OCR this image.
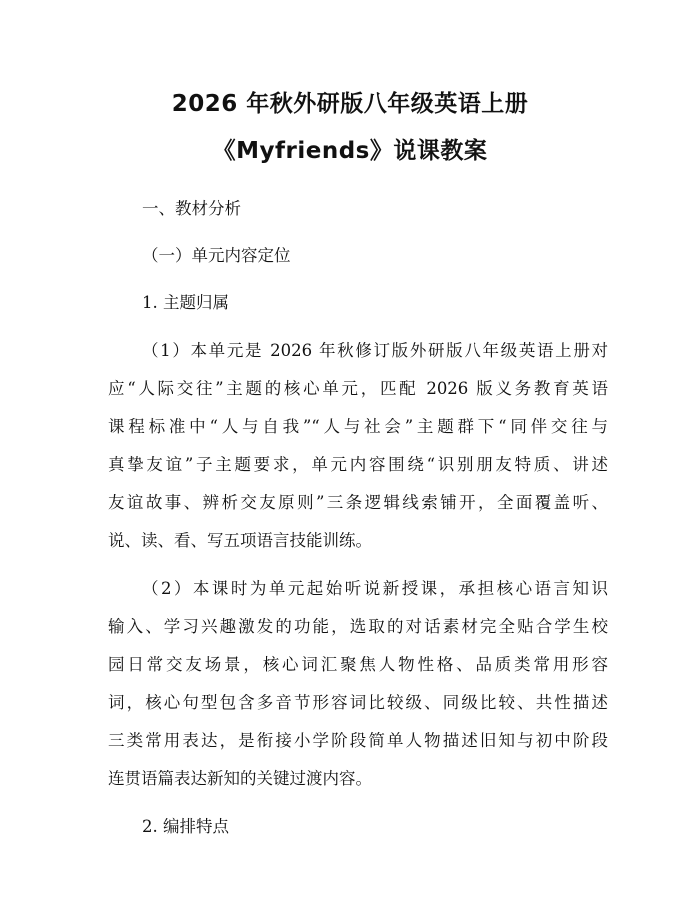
2026 年秋外研版八年级英语上册
《Myfriends》说课教案
一、教材分析
（一）单元内容定位
1. 主题归属
（1）本单元是 2026 年秋修订版外研版八年级英语上册对
应“人际交往”主题的核心单元，匹配 2026 版义务教育英语
课程标准中“人与自我”“人与社会”主题群下“同伴交往与
真挚友谊”子主题要求，单元内容围绕“识别朋友特质、讲述
友谊故事、辨析交友原则”三条逻辑线索铺开，全面覆盖听、
说、读、看、写五项语言技能训练。
（2）本课时为单元起始听说新授课，承担核心语言知识
输入、学习兴趣激发的功能，选取的对话素材完全贴合学生校
园日常交友场景，核心词汇聚焦人物性格、品质类常用形容
词，核心句型包含多音节形容词比较级、同级比较、共性描述
三类常用表达，是衔接小学阶段简单人物描述旧知与初中阶段
连贯语篇表达新知的关键过渡内容。
2. 编排特点
